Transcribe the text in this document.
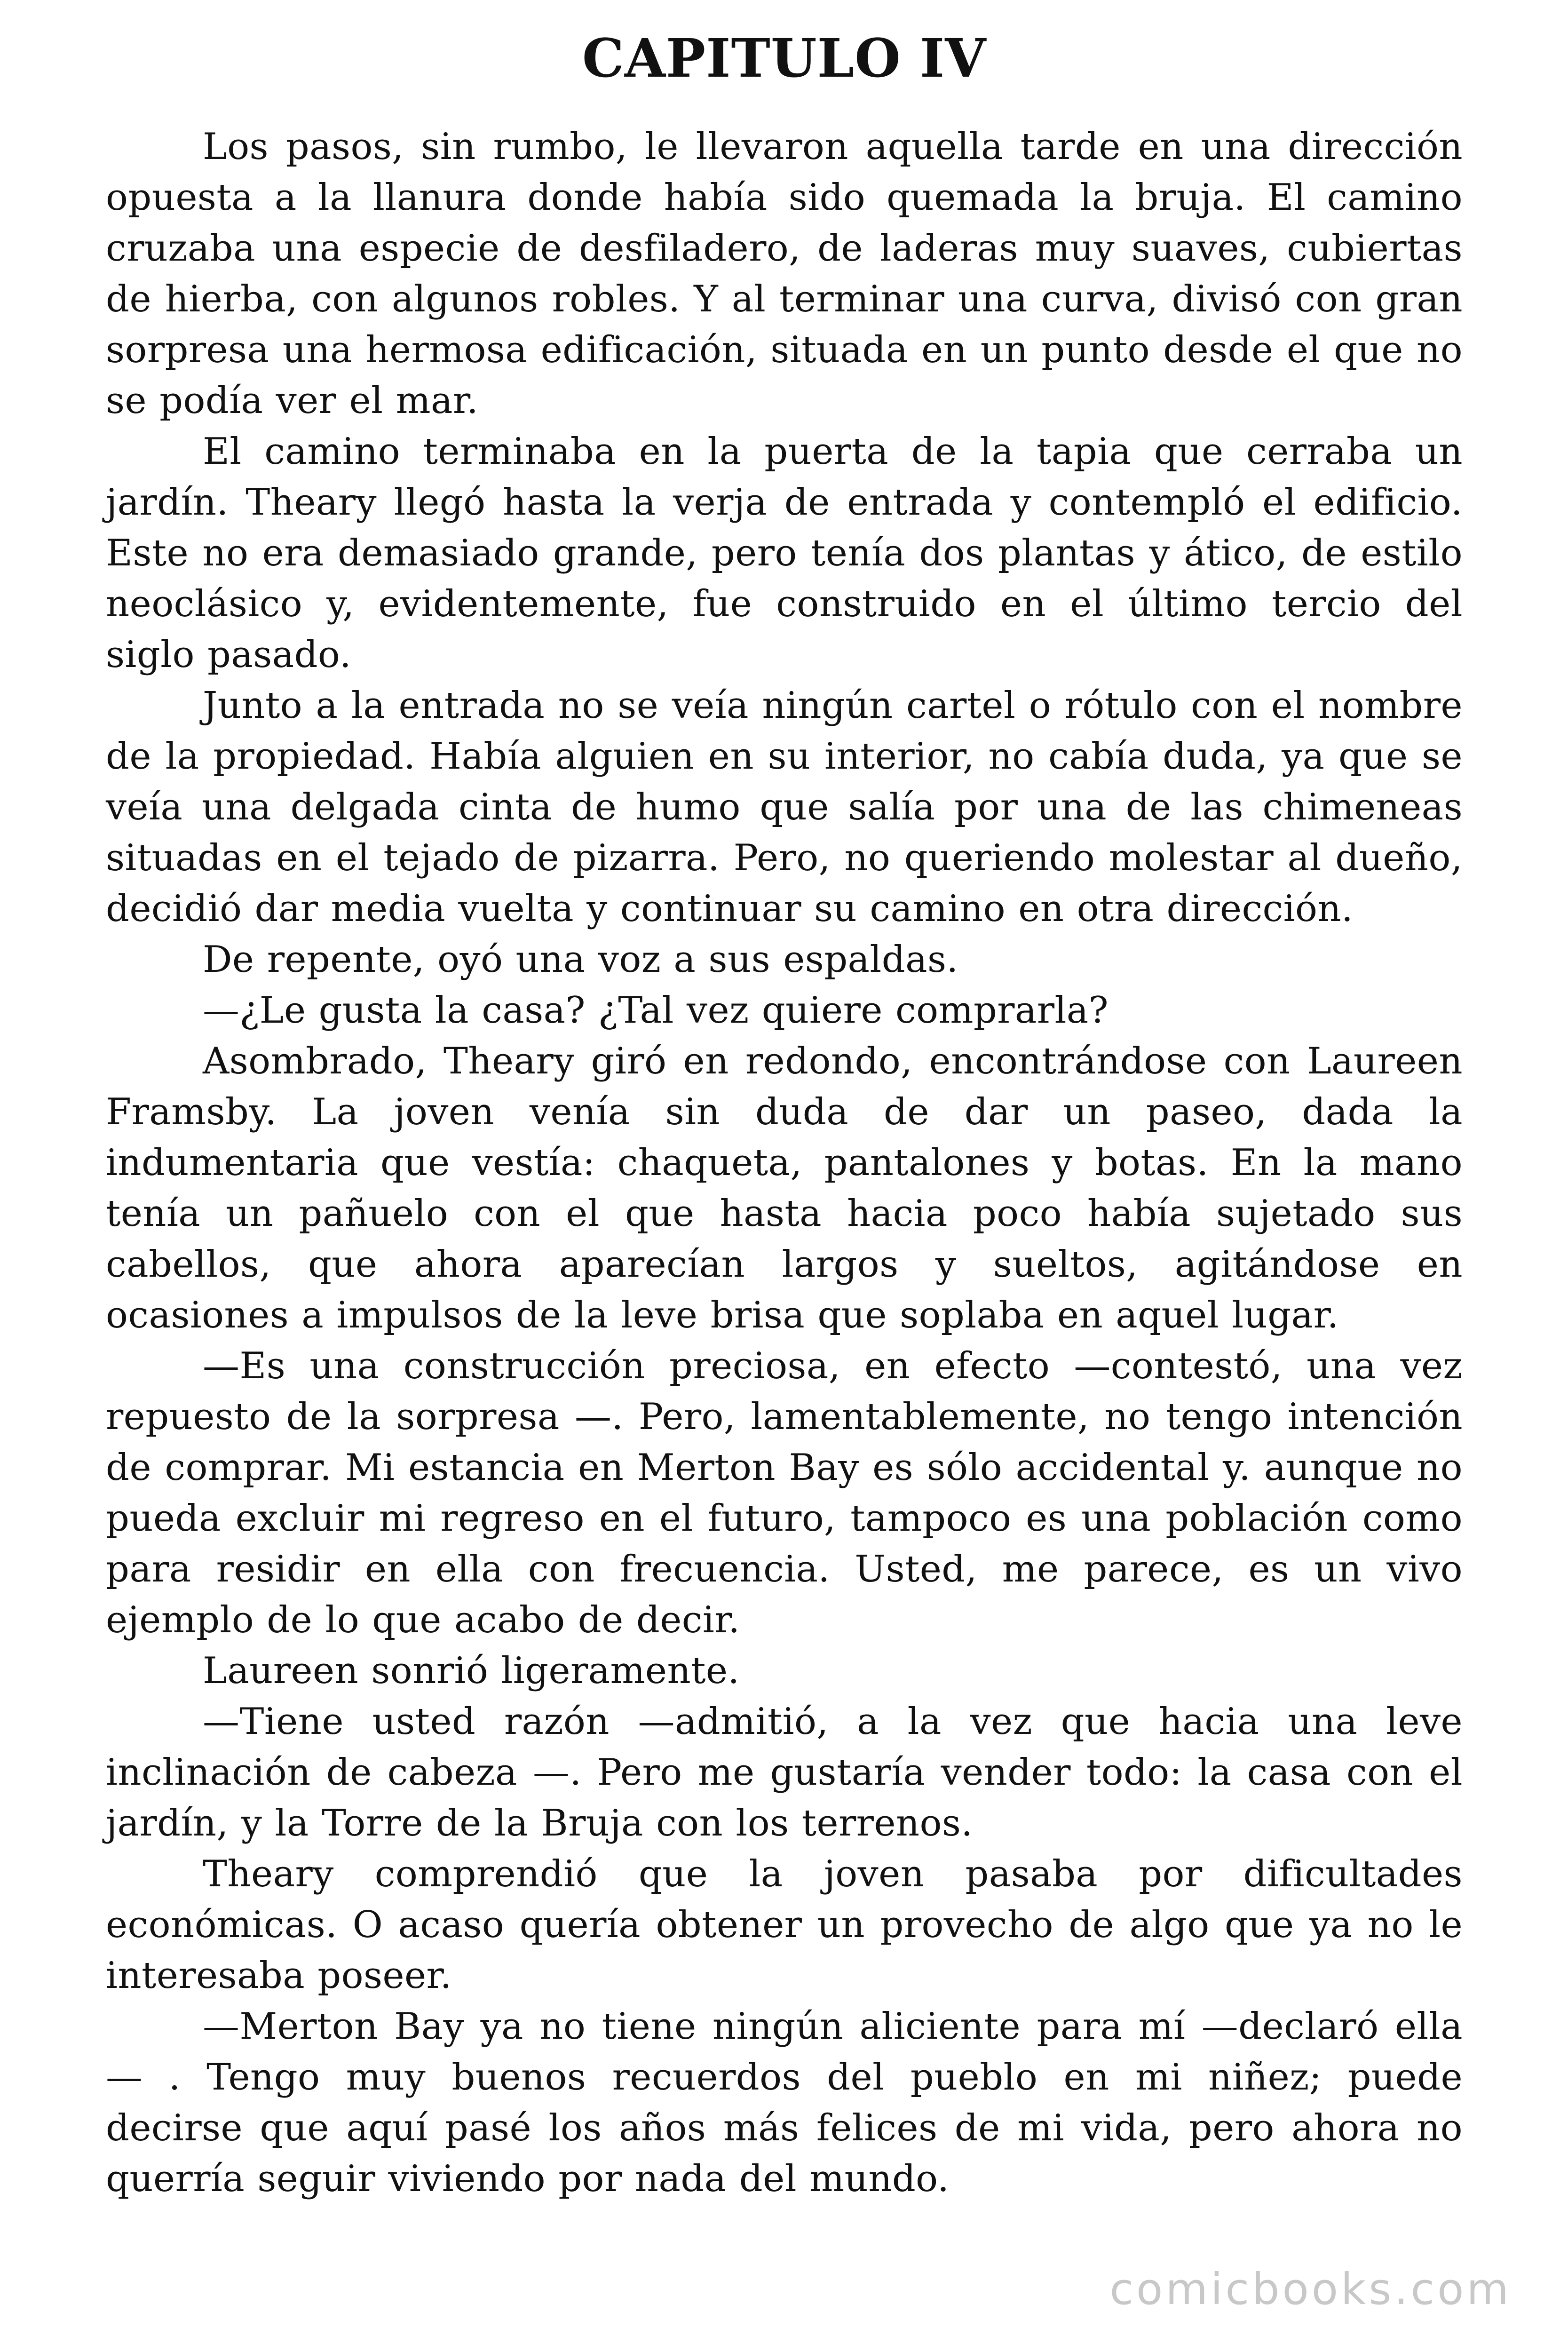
CAPITULO IV

Los pasos, sin rumbo, le llevaron aquella tarde en una dirección opuesta a la llanura donde había sido quemada la bruja. El camino cruzaba una especie de desfiladero, de laderas muy suaves, cubiertas de hierba, con algunos robles. Y al terminar una curva, divisó con gran sorpresa una hermosa edificación, situada en un punto desde el que no se podía ver el mar.

El camino terminaba en la puerta de la tapia que cerraba un jardín. Theary llegó hasta la verja de entrada y contempló el edificio. Este no era demasiado grande, pero tenía dos plantas y ático, de estilo neoclásico y, evidentemente, fue construido en el último tercio del siglo pasado.

Junto a la entrada no se veía ningún cartel o rótulo con el nombre de la propiedad. Había alguien en su interior, no cabía duda, ya que se veía una delgada cinta de humo que salía por una de las chimeneas situadas en el tejado de pizarra. Pero, no queriendo molestar al dueño, decidió dar media vuelta y continuar su camino en otra dirección.

De repente, oyó una voz a sus espaldas.

—¿Le gusta la casa? ¿Tal vez quiere comprarla?

Asombrado, Theary giró en redondo, encontrándose con Laureen Framsby. La joven venía sin duda de dar un paseo, dada la indumentaria que vestía: chaqueta, pantalones y botas. En la mano tenía un pañuelo con el que hasta hacia poco había sujetado sus cabellos, que ahora aparecían largos y sueltos, agitándose en ocasiones a impulsos de la leve brisa que soplaba en aquel lugar.

—Es una construcción preciosa, en efecto —contestó, una vez repuesto de la sorpresa —. Pero, lamentablemente, no tengo intención de comprar. Mi estancia en Merton Bay es sólo accidental y. aunque no pueda excluir mi regreso en el futuro, tampoco es una población como para residir en ella con frecuencia. Usted, me parece, es un vivo ejemplo de lo que acabo de decir.

Laureen sonrió ligeramente.

—Tiene usted razón —admitió, a la vez que hacia una leve inclinación de cabeza —. Pero me gustaría vender todo: la casa con el jardín, y la Torre de la Bruja con los terrenos.

Theary comprendió que la joven pasaba por dificultades económicas. O acaso quería obtener un provecho de algo que ya no le interesaba poseer.

—Merton Bay ya no tiene ningún aliciente para mí —declaró ella — . Tengo muy buenos recuerdos del pueblo en mi niñez; puede decirse que aquí pasé los años más felices de mi vida, pero ahora no querría seguir viviendo por nada del mundo.

comicbooks.com
